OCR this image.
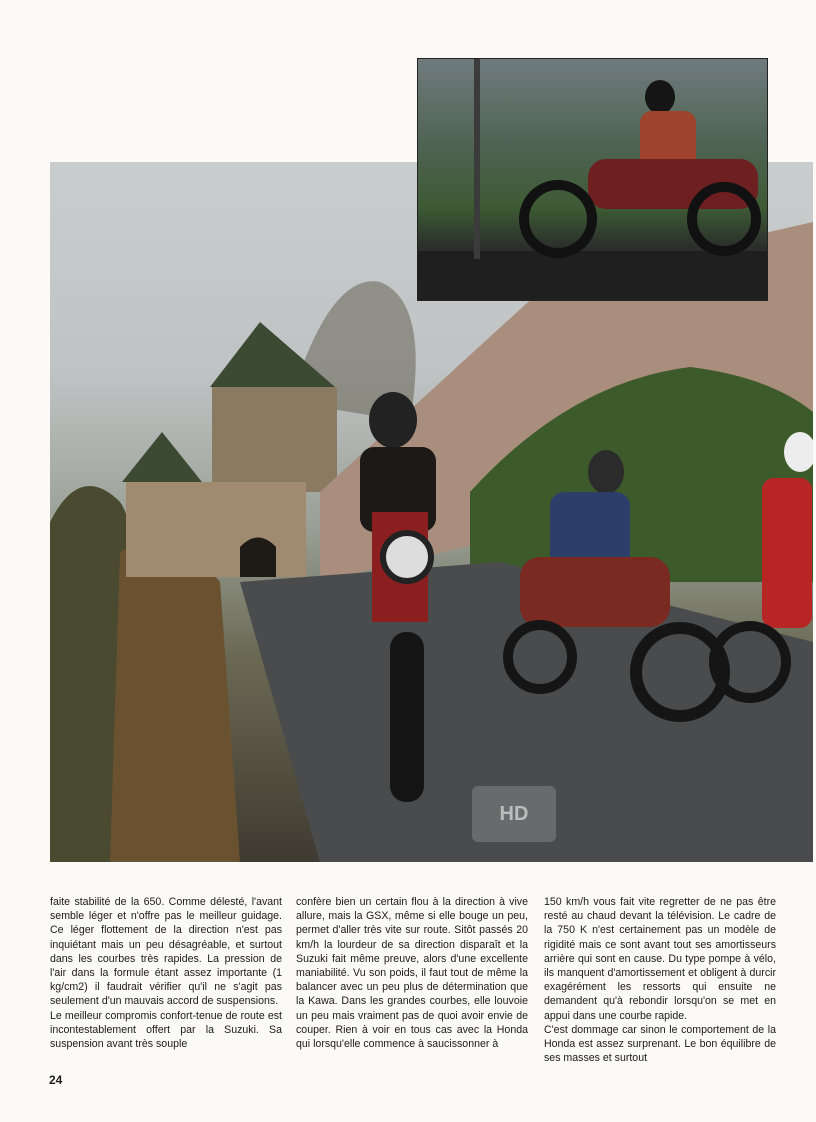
HD

faite stabilité de la 650. Comme délesté, l'avant semble léger et n'offre pas le meilleur guidage. Ce léger flottement de la direction n'est pas inquiétant mais un peu désagréable, et surtout dans les courbes très rapides. La pression de l'air dans la formule étant assez importante (1 kg/cm2) il faudrait vérifier qu'il ne s'agit pas seulement d'un mauvais accord de suspensions.

Le meilleur compromis confort-tenue de route est incontestablement offert par la Suzuki. Sa suspension avant très souple

confère bien un certain flou à la direction à vive allure, mais la GSX, même si elle bouge un peu, permet d'aller très vite sur route. Sitôt passés 20 km/h la lourdeur de sa direction disparaît et la Suzuki fait même preuve, alors d'une excellente maniabilité. Vu son poids, il faut tout de même la balancer avec un peu plus de détermination que la Kawa. Dans les grandes courbes, elle louvoie un peu mais vraiment pas de quoi avoir envie de couper. Rien à voir en tous cas avec la Honda qui lorsqu'elle commence à saucissonner à

150 km/h vous fait vite regretter de ne pas être resté au chaud devant la télévision. Le cadre de la 750 K n'est certainement pas un modèle de rigidité mais ce sont avant tout ses amortisseurs arrière qui sont en cause. Du type pompe à vélo, ils manquent d'amortissement et obligent à durcir exagérément les ressorts qui ensuite ne demandent qu'à rebondir lorsqu'on se met en appui dans une courbe rapide.

C'est dommage car sinon le comportement de la Honda est assez surprenant. Le bon équilibre de ses masses et surtout

24
